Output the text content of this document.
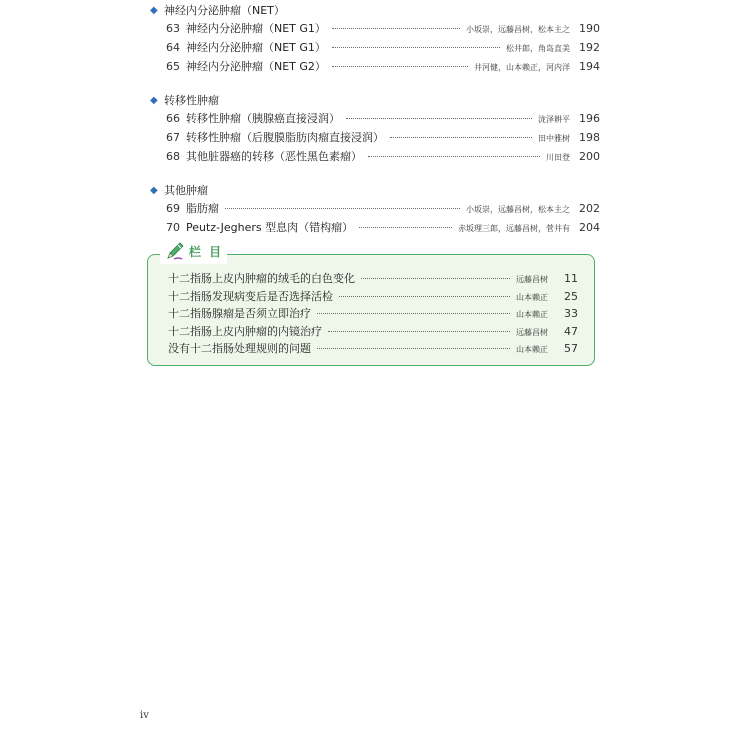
◆ 神经内分泌肿瘤（NET）
63 神经内分泌肿瘤（NET G1）	小坂崇，远藤昌树，松本主之 190
64 神经内分泌肿瘤（NET G1）	松井郎，角岛直美 192
65 神经内分泌肿瘤（NET G2）	井河健，山本赖正，河内洋 194
◆ 转移性肿瘤
66 转移性肿瘤（胰腺癌直接浸润）	泷泽耕平 196
67 转移性肿瘤（后腹膜脂肪肉瘤直接浸润）	田中雅树 198
68 其他脏器癌的转移（恶性黑色素瘤）	川田登 200
◆ 其他肿瘤
69 脂肪瘤	小坂崇，远藤昌树，松本主之 202
70 Peutz-Jeghers 型息肉（错构瘤）	赤坂理三郎，远藤昌树，菅井有 204
栏 目
十二指肠上皮内肿瘤的绒毛的白色变化	远藤昌树	11
十二指肠发现病变后是否选择活检	山本赖正	25
十二指肠腺瘤是否须立即治疗	山本赖正	33
十二指肠上皮内肿瘤的内镜治疗	远藤昌树	47
没有十二指肠处理规则的问题	山本赖正	57
iv
